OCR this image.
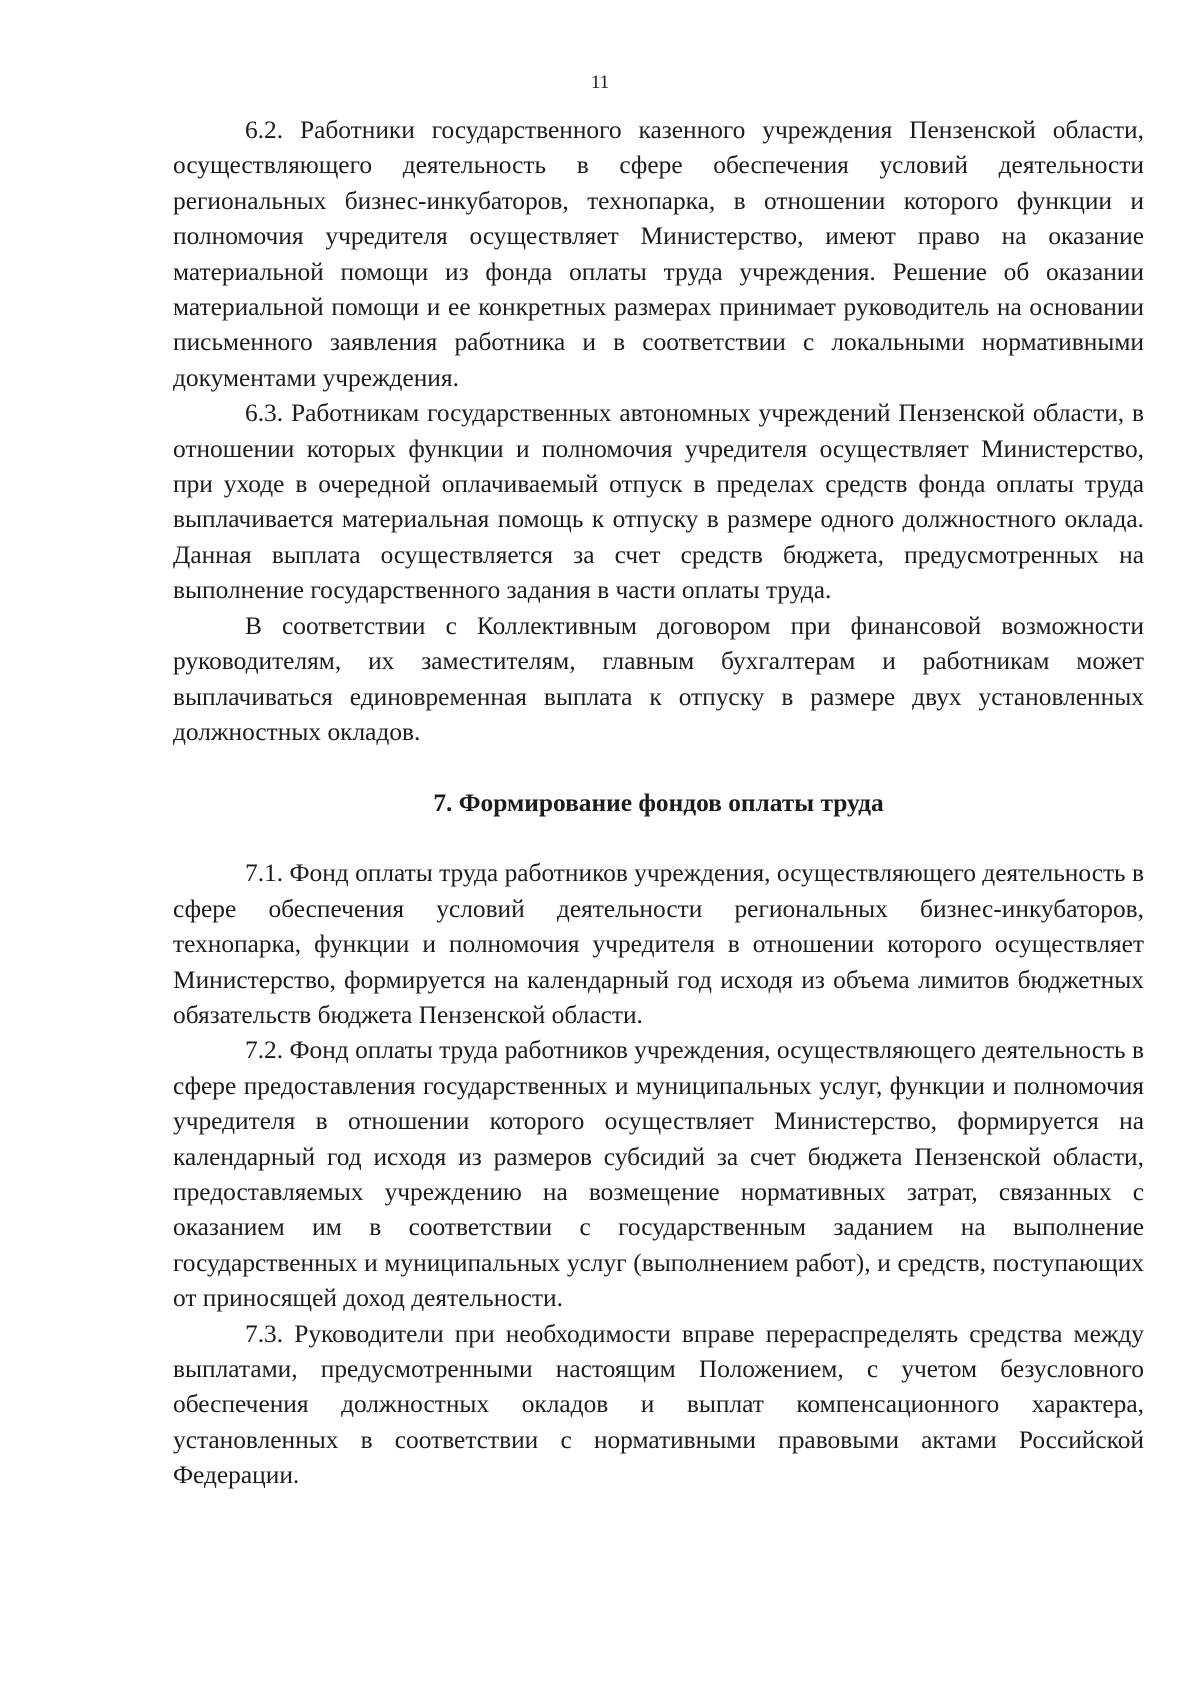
11

6.2. Работники государственного казенного учреждения Пензенской области, осуществляющего деятельность в сфере обеспечения условий деятельности региональных бизнес-инкубаторов, технопарка, в отношении которого функции и полномочия учредителя осуществляет Министерство, имеют право на оказание материальной помощи из фонда оплаты труда учреждения. Решение об оказании материальной помощи и ее конкретных размерах принимает руководитель на основании письменного заявления работника и в соответствии с локальными нормативными документами учреждения.

6.3. Работникам государственных автономных учреждений Пензенской области, в отношении которых функции и полномочия учредителя осуществляет Министерство, при уходе в очередной оплачиваемый отпуск в пределах средств фонда оплаты труда выплачивается материальная помощь к отпуску в размере одного должностного оклада. Данная выплата осуществляется за счет средств бюджета, предусмотренных на выполнение государственного задания в части оплаты труда.

В соответствии с Коллективным договором при финансовой возможности руководителям, их заместителям, главным бухгалтерам и работникам может выплачиваться единовременная выплата к отпуску в размере двух установленных должностных окладов.

7. Формирование фондов оплаты труда

7.1. Фонд оплаты труда работников учреждения, осуществляющего деятельность в сфере обеспечения условий деятельности региональных бизнес-инкубаторов, технопарка, функции и полномочия учредителя в отношении которого осуществляет Министерство, формируется на календарный год исходя из объема лимитов бюджетных обязательств бюджета Пензенской области.

7.2. Фонд оплаты труда работников учреждения, осуществляющего деятельность в сфере предоставления государственных и муниципальных услуг, функции и полномочия учредителя в отношении которого осуществляет Министерство, формируется на календарный год исходя из размеров субсидий за счет бюджета Пензенской области, предоставляемых учреждению на возмещение нормативных затрат, связанных с оказанием им в соответствии с государственным заданием на выполнение государственных и муниципальных услуг (выполнением работ), и средств, поступающих от приносящей доход деятельности.

7.3. Руководители при необходимости вправе перераспределять средства между выплатами, предусмотренными настоящим Положением, с учетом безусловного обеспечения должностных окладов и выплат компенсационного характера, установленных в соответствии с нормативными правовыми актами Российской Федерации.
